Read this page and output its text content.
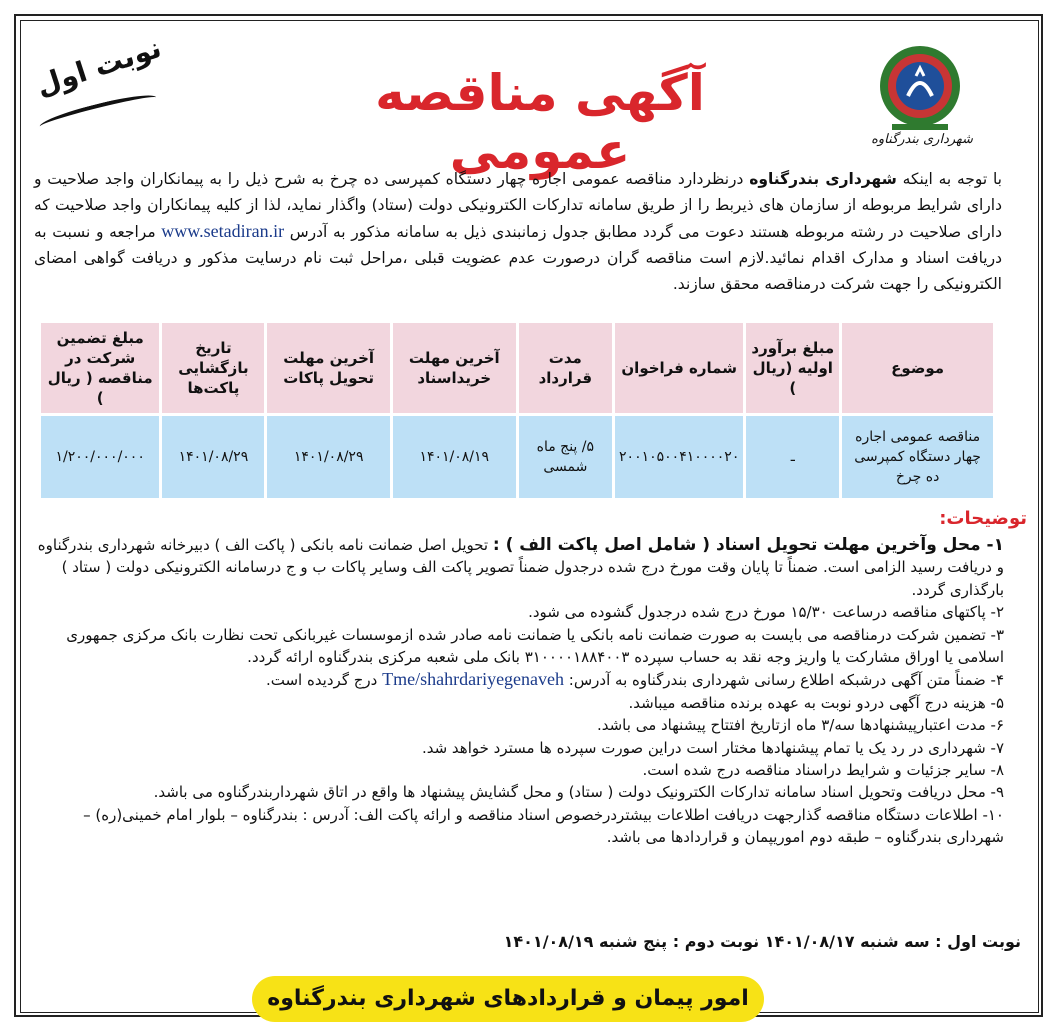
شهرداری بندرگناوه
آگهی مناقصه عمومی
نوبت اول
با توجه به اینکه شهرداری بندرگناوه درنظردارد مناقصه عمومی اجاره چهار دستگاه کمپرسی ده چرخ به شرح ذیل را به پیمانکاران واجد صلاحیت و دارای شرایط مربوطه از سازمان های ذیربط را از طریق سامانه تدارکات الکترونیکی دولت (ستاد) واگذار نماید، لذا از کلیه پیمانکاران واجد صلاحیت که دارای صلاحیت در رشته مربوطه هستند دعوت می گردد مطابق جدول زمانبندی ذیل به سامانه مذکور به آدرس www.setadiran.ir مراجعه و نسبت به دریافت اسناد و مدارک اقدام نمائید.لازم است مناقصه گران درصورت عدم عضویت قبلی ،مراحل ثبت نام درسایت مذکور و دریافت گواهی امضای الکترونیکی را جهت شرکت درمناقصه محقق سازند.
موضوع	مبلغ برآورد اولیه (ریال )	شماره فراخوان	مدت قرارداد	آخرین مهلت خریداسناد	آخرین مهلت تحویل پاکات	تاریخ بازگشایی پاکت‌ها	مبلغ تضمین شرکت در مناقصه ( ریال )
مناقصه عمومی اجاره چهار دستگاه کمپرسی ده چرخ	ـ	۲۰۰۱۰۵۰۰۴۱۰۰۰۰۲۰	۵/ پنج ماه شمسی	۱۴۰۱/۰۸/۱۹	۱۴۰۱/۰۸/۲۹	۱۴۰۱/۰۸/۲۹	۱/۲۰۰/۰۰۰/۰۰۰
توضیحات:

۱- محل وآخرین مهلت تحویل اسناد ( شامل اصل پاکت الف ) : تحویل اصل ضمانت نامه بانکی ( پاکت الف ) دبیرخانه شهرداری بندرگناوه و دریافت رسید الزامی است. ضمناً تا پایان وقت مورخ درج شده درجدول ضمناً تصویر پاکت الف وسایر پاکات ب و ج درسامانه الکترونیکی دولت ( ستاد ) بارگذاری گردد.

۲- پاکتهای مناقصه درساعت ۱۵/۳۰ مورخ درج شده درجدول گشوده می شود.

۳- تضمین شرکت درمناقصه می بایست به صورت ضمانت نامه بانکی یا ضمانت نامه صادر شده ازموسسات غیربانکی تحت نظارت بانک مرکزی جمهوری اسلامی یا اوراق مشارکت یا واریز وجه نقد به حساب سپرده ۳۱۰۰۰۰۱۸۸۴۰۰۳ بانک ملی شعبه مرکزی بندرگناوه ارائه گردد.

۴- ضمناً متن آگهی درشبکه اطلاع رسانی شهرداری بندرگناوه به آدرس: Tme/shahrdariyegenaveh درج گردیده است.

۵- هزینه درج آگهی دردو نوبت به عهده برنده مناقصه میباشد.

۶- مدت اعتبارپیشنهادها سه/۳ ماه ازتاریخ افتتاح پیشنهاد می باشد.

۷- شهرداری در رد یک یا تمام پیشنهادها مختار است دراین صورت سپرده ها مسترد خواهد شد.

۸- سایر جزئیات و شرایط دراسناد مناقصه درج شده است.

۹- محل دریافت وتحویل اسناد سامانه تدارکات الکترونیک دولت ( ستاد) و محل گشایش پیشنهاد ها واقع در اتاق شهرداربندرگناوه می باشد.

۱۰- اطلاعات دستگاه مناقصه گذارجهت دریافت اطلاعات بیشتردرخصوص اسناد مناقصه و ارائه پاکت الف: آدرس : بندرگناوه – بلوار امام خمینی(ره) – شهرداری بندرگناوه – طبقه دوم اموریپمان و قراردادها می باشد.

نوبت اول : سه شنبه ۱۴۰۱/۰۸/۱۷ نوبت دوم : پنج شنبه ۱۴۰۱/۰۸/۱۹
امور پیمان و قراردادهای شهرداری بندرگناوه
